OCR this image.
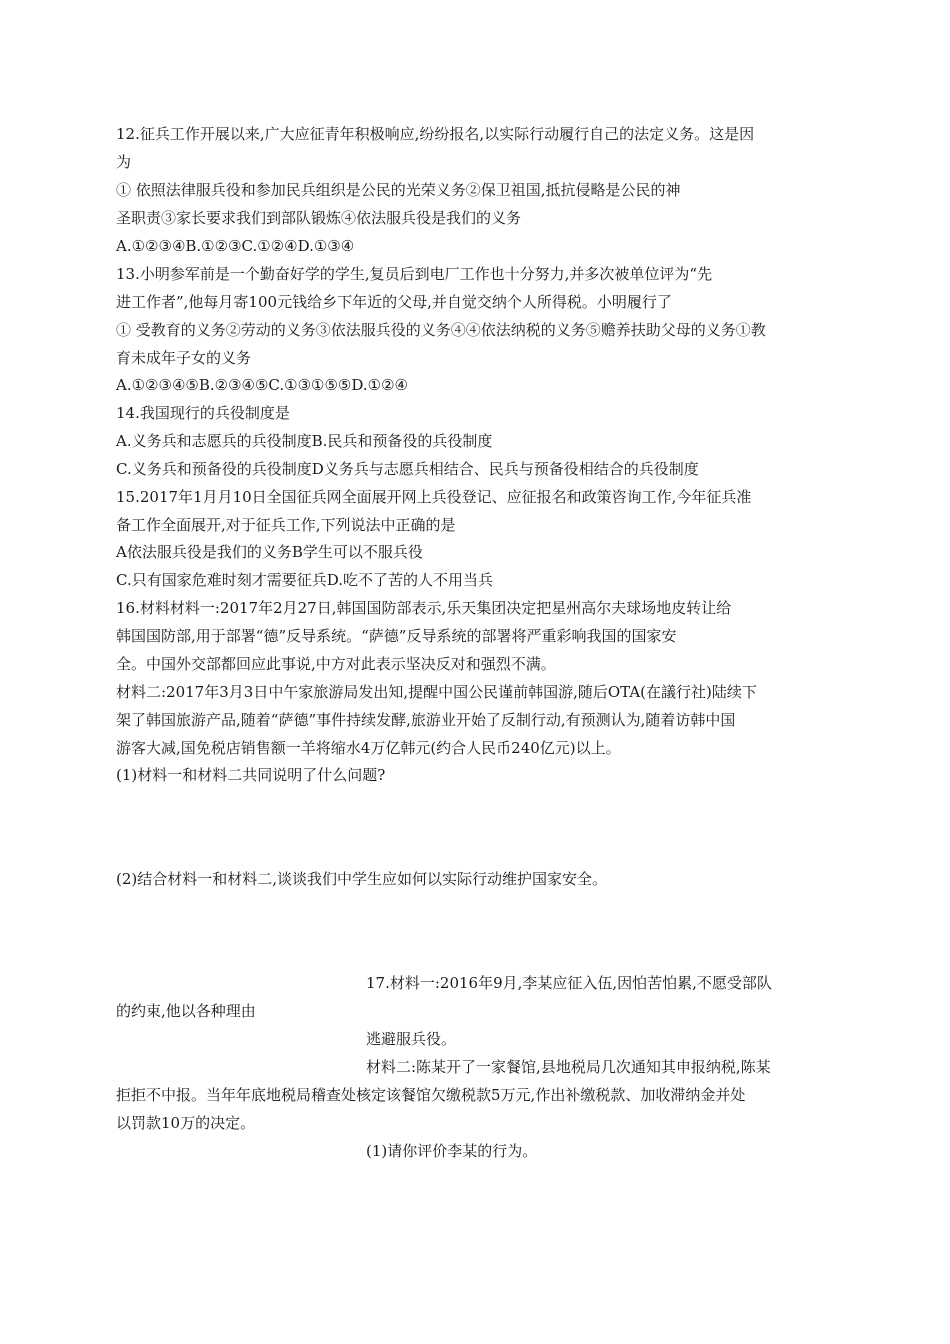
12.征兵工作开展以来,广大应征青年积极响应,纷纷报名,以实际行动履行自己的法定义务。这是因

为

① 依照法律服兵役和参加民兵组织是公民的光荣义务②保卫祖国,抵抗侵略是公民的神

圣职责③家长要求我们到部队锻炼④依法服兵役是我们的义务

A.①②③④B.①②③C.①②④D.①③④

13.小明参军前是一个勤奋好学的学生,复员后到电厂工作也十分努力,并多次被单位评为“先

进工作者”,他每月寄100元钱给乡下年近的父母,并自觉交纳个人所得税。小明履行了

① 受教育的义务②劳动的义务③依法服兵役的义务④④依法纳税的义务⑤赡养扶助父母的义务①教

育未成年子女的义务

A.①②③④⑤B.②③④⑤C.①③①⑤⑤D.①②④

14.我国现行的兵役制度是

A.义务兵和志愿兵的兵役制度B.民兵和预备役的兵役制度

C.义务兵和预备役的兵役制度D义务兵与志愿兵相结合、民兵与预备役相结合的兵役制度

15.2017年1月月10日全国征兵网全面展开网上兵役登记、应征报名和政策咨询工作,今年征兵准

备工作全面展开,对于征兵工作,下列说法中正确的是

A依法服兵役是我们的义务B学生可以不服兵役

C.只有国家危难时刻才需要征兵D.吃不了苦的人不用当兵

16.材料材料一:2017年2月27日,韩国国防部表示,乐天集团决定把星州高尔夫球场地皮转让给

韩国国防部,用于部署“德”反导系统。“萨德”反导系统的部署将严重彩响我国的国家安

全。中国外交部都回应此事说,中方对此表示坚决反对和强烈不满。

材料二:2017年3月3日中午家旅游局发出知,提醒中国公民谨前韩国游,随后OTA(在議行社)陆续下

架了韩国旅游产品,随着“萨德”事件持续发酵,旅游业开始了反制行动,有预测认为,随着访韩中国

游客大减,国免税店销售额一羊将缩水4万亿韩元(约合人民币240亿元)以上。

(1)材料一和材料二共同说明了什么问题?

(2)结合材料一和材料二,谈谈我们中学生应如何以实际行动维护国家安全。

17.材料一:2016年9月,李某应征入伍,因怕苦怕累,不愿受部队

的约束,他以各种理由

逃避服兵役。

材料二:陈某开了一家餐馆,县地税局几次通知其申报纳税,陈某

拒拒不中报。当年年底地税局稽查处核定该餐馆欠缴税款5万元,作出补缴税款、加收滞纳金并处

以罚款10万的决定。

(1)请你评价李某的行为。
